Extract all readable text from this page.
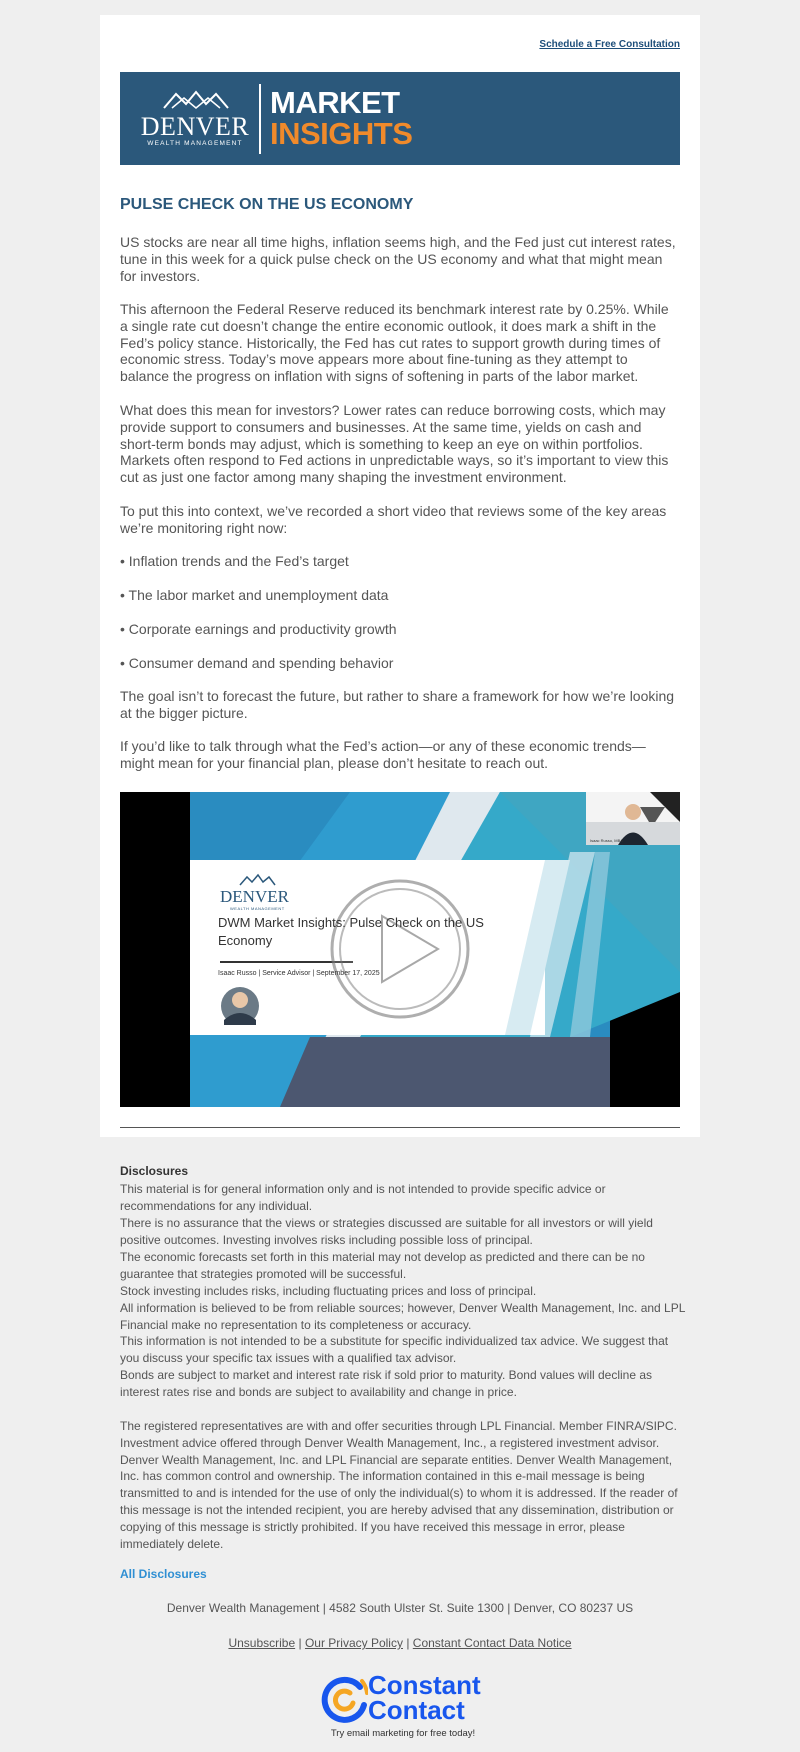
Schedule a Free Consultation
DENVER
WEALTH MANAGEMENT
MARKET
INSIGHTS
PULSE CHECK ON THE US ECONOMY

US stocks are near all time highs, inflation seems high, and the Fed just cut interest rates, tune in this week for a quick pulse check on the US economy and what that might mean for investors.

This afternoon the Federal Reserve reduced its benchmark interest rate by 0.25%. While a single rate cut doesn’t change the entire economic outlook, it does mark a shift in the Fed’s policy stance. Historically, the Fed has cut rates to support growth during times of economic stress. Today’s move appears more about fine-tuning as they attempt to balance the progress on inflation with signs of softening in parts of the labor market.

What does this mean for investors? Lower rates can reduce borrowing costs, which may provide support to consumers and businesses. At the same time, yields on cash and short-term bonds may adjust, which is something to keep an eye on within portfolios. Markets often respond to Fed actions in unpredictable ways, so it’s important to view this cut as just one factor among many shaping the investment environment.

To put this into context, we’ve recorded a short video that reviews some of the key areas we’re monitoring right now:

• Inflation trends and the Fed’s target

• The labor market and unemployment data

• Corporate earnings and productivity growth

• Consumer demand and spending behavior

The goal isn’t to forecast the future, but rather to share a framework for how we’re looking at the bigger picture.

If you’d like to talk through what the Fed’s action—or any of these economic trends—might mean for your financial plan, please don’t hesitate to reach out.

DENVER
WEALTH MANAGEMENT
DWM Market Insights: Pulse Check on the US
Economy
Isaac Russo | Service Advisor | September 17, 2025
Isaac Russo, MBA
Disclosures

This material is for general information only and is not intended to provide specific advice or recommendations for any individual.

There is no assurance that the views or strategies discussed are suitable for all investors or will yield positive outcomes. Investing involves risks including possible loss of principal.

The economic forecasts set forth in this material may not develop as predicted and there can be no guarantee that strategies promoted will be successful.

Stock investing includes risks, including fluctuating prices and loss of principal.

All information is believed to be from reliable sources; however, Denver Wealth Management, Inc. and LPL Financial make no representation to its completeness or accuracy.

This information is not intended to be a substitute for specific individualized tax advice. We suggest that you discuss your specific tax issues with a qualified tax advisor.

Bonds are subject to market and interest rate risk if sold prior to maturity. Bond values will decline as interest rates rise and bonds are subject to availability and change in price.

The registered representatives are with and offer securities through LPL Financial. Member FINRA/SIPC. Investment advice offered through Denver Wealth Management, Inc., a registered investment advisor. Denver Wealth Management, Inc. and LPL Financial are separate entities. Denver Wealth Management, Inc. has common control and ownership. The information contained in this e-mail message is being transmitted to and is intended for the use of only the individual(s) to whom it is addressed. If the reader of this message is not the intended recipient, you are hereby advised that any dissemination, distribution or copying of this message is strictly prohibited. If you have received this message in error, please immediately delete.

All Disclosures
Denver Wealth Management | 4582 South Ulster St. Suite 1300 | Denver, CO 80237 US
Unsubscribe | Our Privacy Policy | Constant Contact Data Notice
Constant
Contact
Try email marketing for free today!
